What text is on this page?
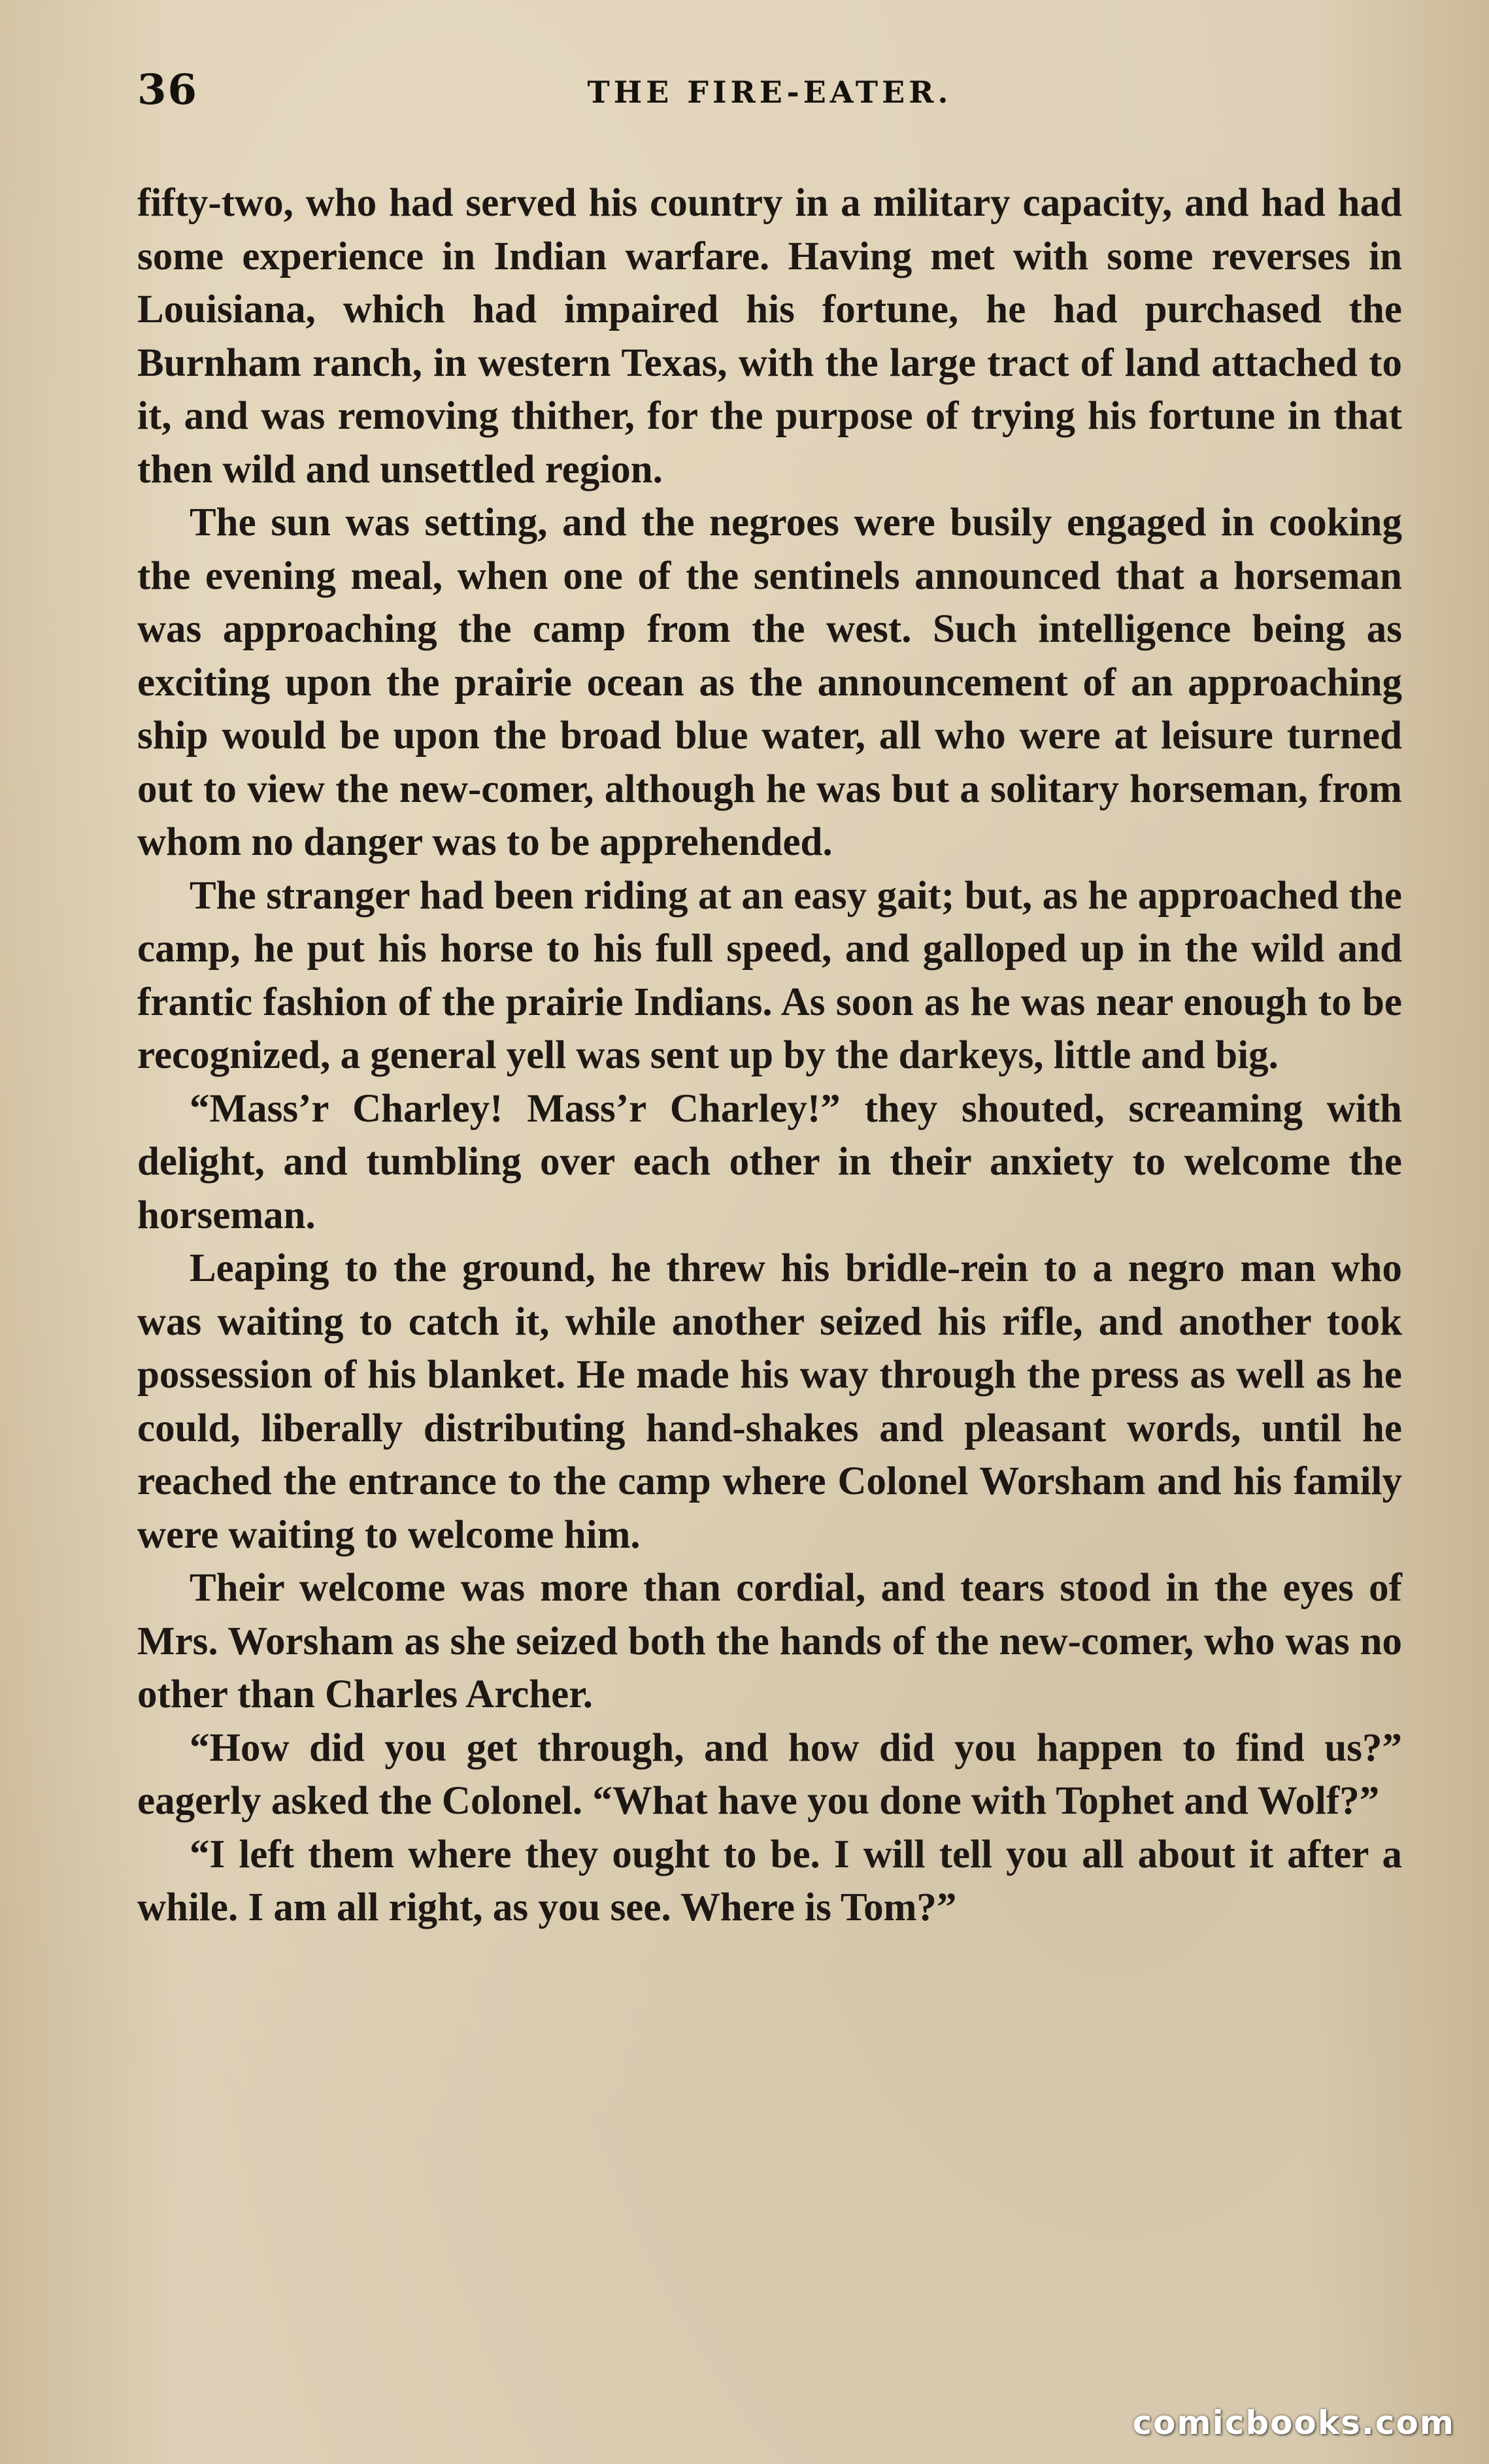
36	THE FIRE-EATER.

fifty-two, who had served his country in a military capacity, and had had some experience in Indian warfare. Having met with some reverses in Louisiana, which had impaired his fortune, he had purchased the Burnham ranch, in western Texas, with the large tract of land attached to it, and was removing thither, for the purpose of trying his fortune in that then wild and unsettled region.

The sun was setting, and the negroes were busily engaged in cooking the evening meal, when one of the sentinels announced that a horseman was approaching the camp from the west. Such intelligence being as exciting upon the prairie ocean as the announcement of an approaching ship would be upon the broad blue water, all who were at leisure turned out to view the new-comer, although he was but a solitary horseman, from whom no danger was to be apprehended.

The stranger had been riding at an easy gait; but, as he approached the camp, he put his horse to his full speed, and galloped up in the wild and frantic fashion of the prairie Indians. As soon as he was near enough to be recognized, a general yell was sent up by the darkeys, little and big.

“Mass’r Charley! Mass’r Charley!” they shouted, screaming with delight, and tumbling over each other in their anxiety to welcome the horseman.

Leaping to the ground, he threw his bridle-rein to a negro man who was waiting to catch it, while another seized his rifle, and another took possession of his blanket. He made his way through the press as well as he could, liberally distributing hand-shakes and pleasant words, until he reached the entrance to the camp where Colonel Worsham and his family were waiting to welcome him.

Their welcome was more than cordial, and tears stood in the eyes of Mrs. Worsham as she seized both the hands of the new-comer, who was no other than Charles Archer.

“How did you get through, and how did you happen to find us?” eagerly asked the Colonel. “What have you done with Tophet and Wolf?”

“I left them where they ought to be. I will tell you all about it after a while. I am all right, as you see. Where is Tom?”

comicbooks.com
